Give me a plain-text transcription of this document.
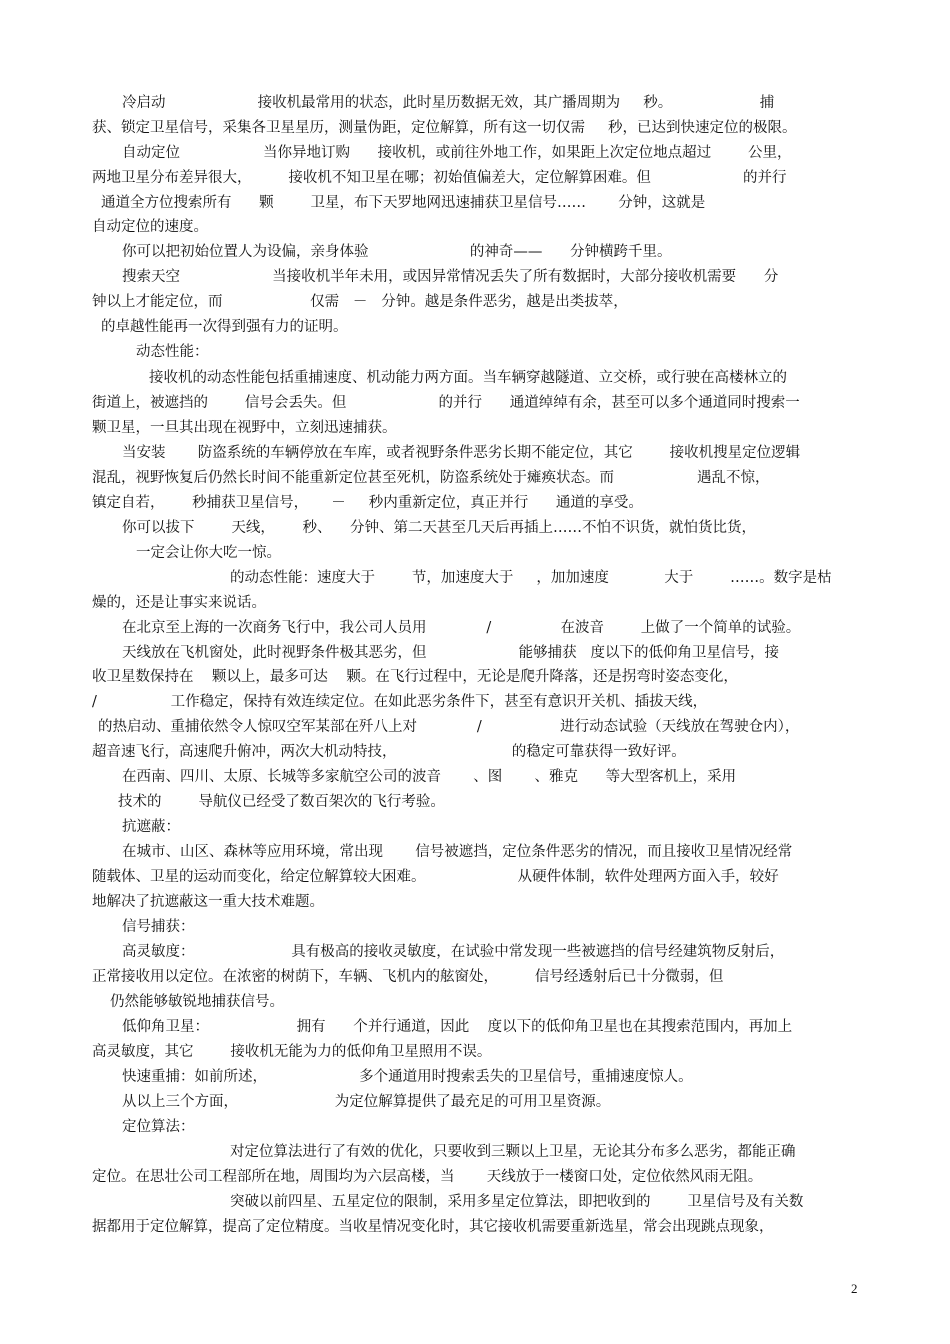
冷启动                    接收机最常用的状态，此时星历数据无效，其广播周期为     秒。                   捕
获、锁定卫星信号，采集各卫星星历，测量伪距，定位解算，所有这一切仅需     秒，已达到快速定位的极限。
自动定位                  当你异地订购      接收机，或前往外地工作，如果距上次定位地点超过        公里，
两地卫星分布差异很大，        接收机不知卫星在哪；初始值偏差大，定位解算困难。但                    的并行
通道全方位搜索所有      颗        卫星，布下天罗地网迅速捕获卫星信号……       分钟，这就是
自动定位的速度。
你可以把初始位置人为设偏，亲身体验                      的神奇——      分钟横跨千里。
搜索天空                    当接收机半年未用，或因异常情况丢失了所有数据时，大部分接收机需要      分
钟以上才能定位，而                   仅需   －   分钟。越是条件恶劣，越是出类拔萃，
的卓越性能再一次得到强有力的证明。
动态性能：
接收机的动态性能包括重捕速度、机动能力两方面。当车辆穿越隧道、立交桥，或行驶在高楼林立的
街道上，被遮挡的        信号会丢失。但                    的并行      通道绰绰有余，甚至可以多个通道同时搜索一
颗卫星，一旦其出现在视野中，立刻迅速捕获。
当安装       防盗系统的车辆停放在车库，或者视野条件恶劣长期不能定位，其它        接收机搜星定位逻辑
混乱，视野恢复后仍然长时间不能重新定位甚至死机，防盗系统处于瘫痪状态。而                  遇乱不惊，
镇定自若，      秒捕获卫星信号，     －     秒内重新定位，真正并行      通道的享受。
你可以拔下        天线，      秒、    分钟、第二天甚至几天后再插上……不怕不识货，就怕货比货，
一定会让你大吃一惊。
的动态性能：速度大于        节，加速度大于     ，加加速度            大于        ……。数字是枯
燥的，还是让事实来说话。
在北京至上海的一次商务飞行中，我公司人员用             /               在波音        上做了一个简单的试验。
天线放在飞机窗处，此时视野条件极其恶劣，但                    能够捕获   度以下的低仰角卫星信号，接
收卫星数保持在    颗以上，最多可达    颗。在飞行过程中，无论是爬升降落，还是拐弯时姿态变化，
/                工作稳定，保持有效连续定位。在如此恶劣条件下，甚至有意识开关机、插拔天线，
的热启动、重捕依然令人惊叹空军某部在歼八上对             /                 进行动态试验（天线放在驾驶仓内），
超音速飞行，高速爬升俯冲，两次大机动特技，                         的稳定可靠获得一致好评。
在西南、四川、太原、长城等多家航空公司的波音       、图       、雅克      等大型客机上，采用
技术的        导航仪已经受了数百架次的飞行考验。
抗遮蔽：
在城市、山区、森林等应用环境，常出现       信号被遮挡，定位条件恶劣的情况，而且接收卫星情况经常
随载体、卫星的运动而变化，给定位解算较大困难。                    从硬件体制，软件处理两方面入手，较好
地解决了抗遮蔽这一重大技术难题。
信号捕获：
高灵敏度：                     具有极高的接收灵敏度，在试验中常发现一些被遮挡的信号经建筑物反射后，
正常接收用以定位。在浓密的树荫下，车辆、飞机内的舷窗处，        信号经透射后已十分微弱，但
仍然能够敏锐地捕获信号。
低仰角卫星：                   拥有      个并行通道，因此    度以下的低仰角卫星也在其搜索范围内，再加上
高灵敏度，其它        接收机无能为力的低仰角卫星照用不误。
快速重捕：如前所述，                    多个通道用时搜索丢失的卫星信号，重捕速度惊人。
从以上三个方面，                     为定位解算提供了最充足的可用卫星资源。
定位算法：
对定位算法进行了有效的优化，只要收到三颗以上卫星，无论其分布多么恶劣，都能正确
定位。在思壮公司工程部所在地，周围均为六层高楼，当       天线放于一楼窗口处，定位依然风雨无阻。
突破以前四星、五星定位的限制，采用多星定位算法，即把收到的        卫星信号及有关数
据都用于定位解算，提高了定位精度。当收星情况变化时，其它接收机需要重新选星，常会出现跳点现象，
2
